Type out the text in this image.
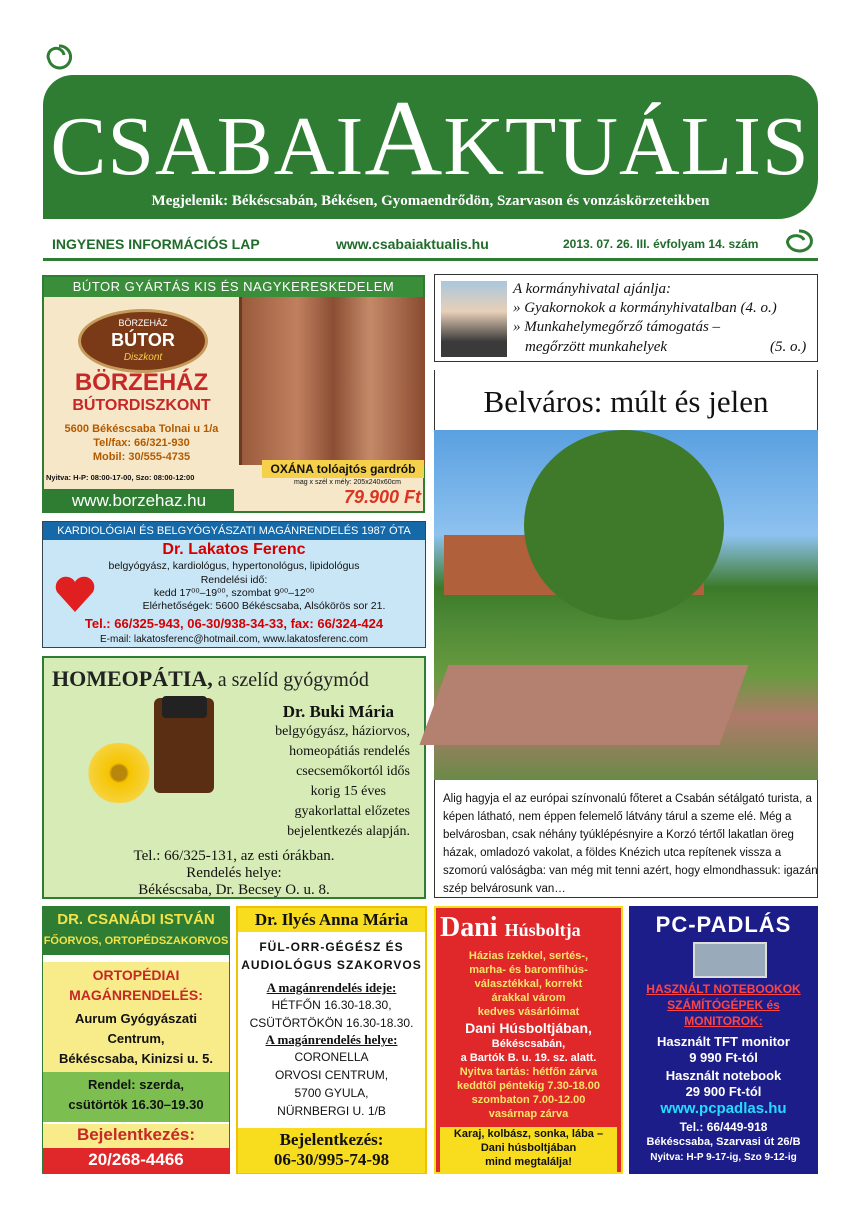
CSABAIAKTUÁLIS
Megjelenik: Békéscsabán, Békésen, Gyomaendrődön, Szarvason és vonzáskörzeteikben
INGYENES INFORMÁCIÓS LAP	www.csabaiaktualis.hu	2013. 07. 26. III. évfolyam 14. szám
BÚTOR GYÁRTÁS KIS ÉS NAGYKERESKEDELEM
BÖRZEHÁZ
BÚTOR
Diszkont
BÖRZEHÁZ
BÚTORDISZKONT
5600 Békéscsaba Tolnai u 1/a
Tel/fax: 66/321-930
Mobil: 30/555-4735
Nyitva: H-P: 08:00-17-00, Szo: 08:00-12:00
OXÁNA tolóajtós gardrób
mag x szél x mély: 205x240x60cm
79.900 Ft
www.borzehaz.hu
KARDIOLÓGIAI ÉS BELGYÓGYÁSZATI MAGÁNRENDELÉS 1987 ÓTA
Dr. Lakatos Ferenc
belgyógyász, kardiológus, hypertonológus, lipidológus
Rendelési idő:
kedd 17⁰⁰–19⁰⁰, szombat 9⁰⁰–12⁰⁰
Elérhetőségek: 5600 Békéscsaba, Alsókörös sor 21.
Tel.: 66/325-943, 06-30/938-34-33, fax: 66/324-424
E-mail: lakatosferenc@hotmail.com, www.lakatosferenc.com
HOMEOPÁTIA, a szelíd gyógymód
Dr. Buki Mária
belgyógyász, háziorvos,
homeopátiás rendelés
csecsemőkortól idős
korig 15 éves
gyakorlattal előzetes
bejelentkezés alapján.
Tel.: 66/325-131, az esti órákban.
Rendelés helye:
Békéscsaba, Dr. Becsey O. u. 8.
A kormányhivatal ajánlja:
» Gyakornokok a kormányhivatalban (4. o.)
» Munkahelymegőrző támogatás –
megőrzött munkahelyek	(5. o.)
Belváros: múlt és jelen
Alig hagyja el az európai színvonalú főteret a Csabán sétálgató turista, a képen látható, nem éppen felemelő látvány tárul a szeme elé. Még a belvárosban, csak néhány tyúklépésnyire a Korzó tértől lakatlan öreg házak, omladozó vakolat, a földes Knézich utca repítenek vissza a szomorú valóságba: van még mit tenni azért, hogy elmondhassuk: igazán szép belvárosunk van…
DR. CSANÁDI ISTVÁN
FŐORVOS, ORTOPÉDSZAKORVOS
ORTOPÉDIAI
MAGÁNRENDELÉS:
Aurum Gyógyászati
Centrum,
Békéscsaba, Kinizsi u. 5.
Rendel: szerda,
csütörtök 16.30–19.30
Bejelentkezés:
20/268-4466
Dr. Ilyés Anna Mária
FÜL-ORR-GÉGÉSZ ÉS
AUDIOLÓGUS SZAKORVOS
A magánrendelés ideje:
HÉTFŐN 16.30-18.30,
CSÜTÖRTÖKÖN 16.30-18.30.
A magánrendelés helye:
CORONELLA
ORVOSI CENTRUM,
5700 GYULA,
NÜRNBERGI U. 1/B
Bejelentkezés:
06-30/995-74-98
Dani Húsboltja
Házias ízekkel, sertés-,
marha- és baromfihús-
választékkal, korrekt
árakkal várom
kedves vásárlóimat
Dani Húsboltjában,
Békéscsabán,
a Bartók B. u. 19. sz. alatt.
Nyitva tartás: hétfőn zárva
keddtől péntekig 7.30-18.00
szombaton 7.00-12.00
vasárnap zárva
Karaj, kolbász, sonka, lába –
Dani húsboltjában
mind megtalálja!
PC-PADLÁS
HASZNÁLT NOTEBOOKOK
SZÁMÍTÓGÉPEK és
MONITOROK:
Használt TFT monitor
9 990 Ft-tól
Használt notebook
29 900 Ft-tól
www.pcpadlas.hu
Tel.: 66/449-918
Békéscsaba, Szarvasi út 26/B
Nyitva: H-P 9-17-ig, Szo 9-12-ig
